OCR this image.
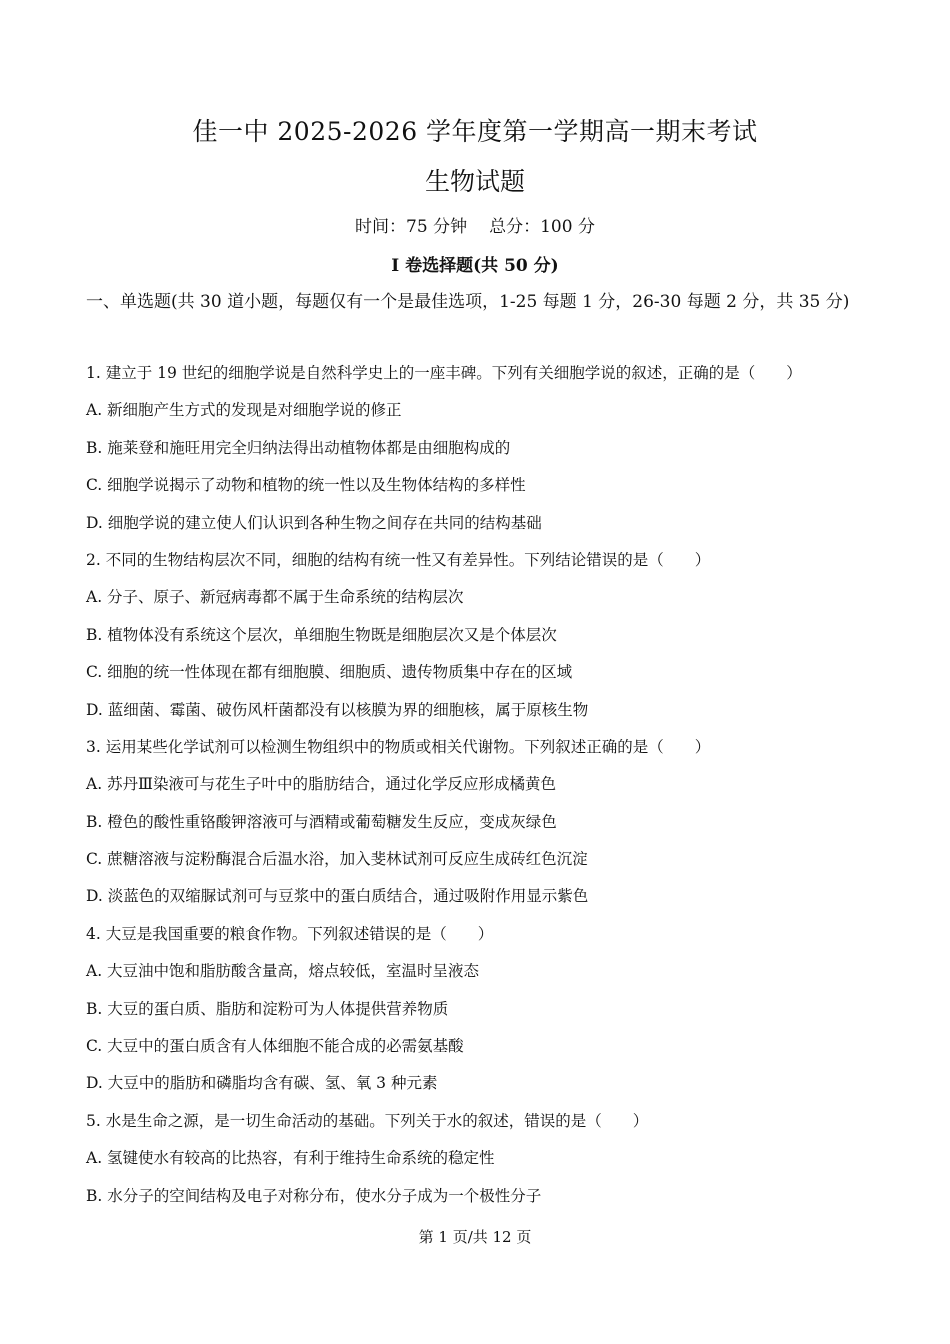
佳一中 2025-2026 学年度第一学期高一期末考试
生物试题
时间：75 分钟 总分：100 分
I 卷选择题(共 50 分)
一、单选题(共 30 道小题，每题仅有一个是最佳选项，1-25 每题 1 分，26-30 每题 2 分，共 35 分)
1. 建立于 19 世纪的细胞学说是自然科学史上的一座丰碑。下列有关细胞学说的叙述，正确的是（　　）
A. 新细胞产生方式的发现是对细胞学说的修正
B. 施莱登和施旺用完全归纳法得出动植物体都是由细胞构成的
C. 细胞学说揭示了动物和植物的统一性以及生物体结构的多样性
D. 细胞学说的建立使人们认识到各种生物之间存在共同的结构基础
2. 不同的生物结构层次不同，细胞的结构有统一性又有差异性。下列结论错误的是（　　）
A. 分子、原子、新冠病毒都不属于生命系统的结构层次
B. 植物体没有系统这个层次，单细胞生物既是细胞层次又是个体层次
C. 细胞的统一性体现在都有细胞膜、细胞质、遗传物质集中存在的区域
D. 蓝细菌、霉菌、破伤风杆菌都没有以核膜为界的细胞核，属于原核生物
3. 运用某些化学试剂可以检测生物组织中的物质或相关代谢物。下列叙述正确的是（　　）
A. 苏丹Ⅲ染液可与花生子叶中的脂肪结合，通过化学反应形成橘黄色
B. 橙色的酸性重铬酸钾溶液可与酒精或葡萄糖发生反应，变成灰绿色
C. 蔗糖溶液与淀粉酶混合后温水浴，加入斐林试剂可反应生成砖红色沉淀
D. 淡蓝色的双缩脲试剂可与豆浆中的蛋白质结合，通过吸附作用显示紫色
4. 大豆是我国重要的粮食作物。下列叙述错误的是（　　）
A. 大豆油中饱和脂肪酸含量高，熔点较低，室温时呈液态
B. 大豆的蛋白质、脂肪和淀粉可为人体提供营养物质
C. 大豆中的蛋白质含有人体细胞不能合成的必需氨基酸
D. 大豆中的脂肪和磷脂均含有碳、氢、氧 3 种元素
5. 水是生命之源，是一切生命活动的基础。下列关于水的叙述，错误的是（　　）
A. 氢键使水有较高的比热容，有利于维持生命系统的稳定性
B. 水分子的空间结构及电子对称分布，使水分子成为一个极性分子
第 1 页/共 12 页
